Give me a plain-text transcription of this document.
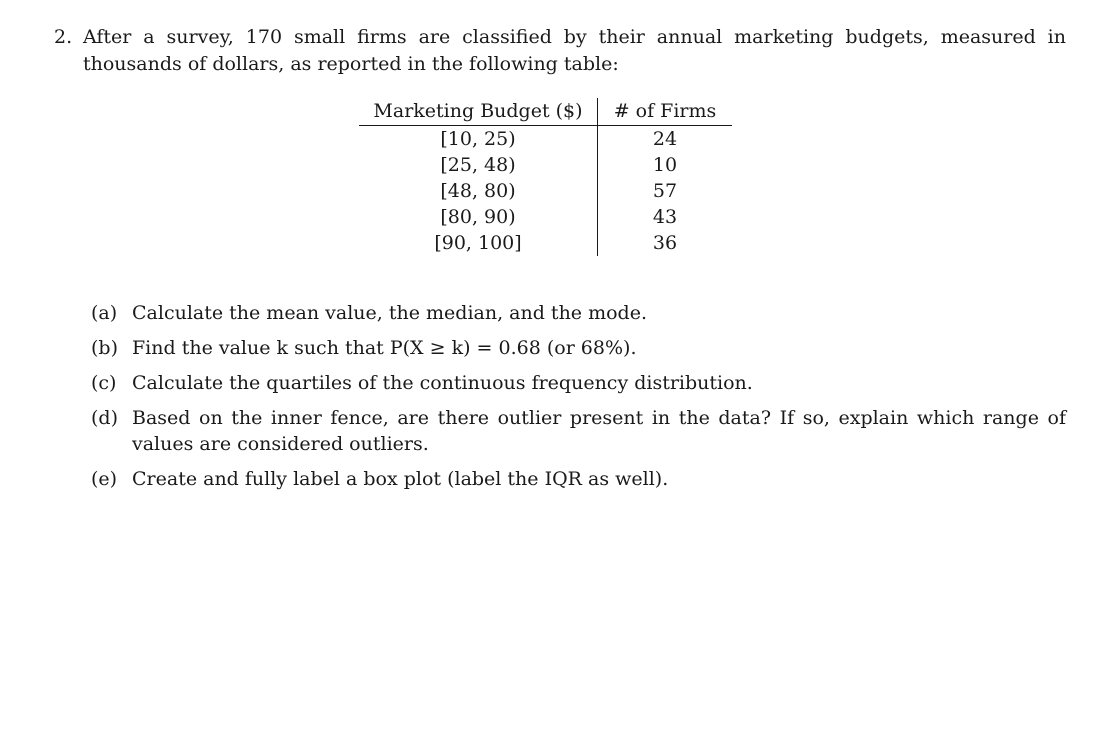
2. After a survey, 170 small firms are classified by their annual marketing budgets, measured in thousands of dollars, as reported in the following table:
Marketing Budget ($)	# of Firms
[10, 25)	24
[25, 48)	10
[48, 80)	57
[80, 90)	43
[90, 100]	36
(a) Calculate the mean value, the median, and the mode.
(b) Find the value k such that P(X ≥ k) = 0.68 (or 68%).
(c) Calculate the quartiles of the continuous frequency distribution.
(d) Based on the inner fence, are there outlier present in the data? If so, explain which range of values are considered outliers.
(e) Create and fully label a box plot (label the IQR as well).
